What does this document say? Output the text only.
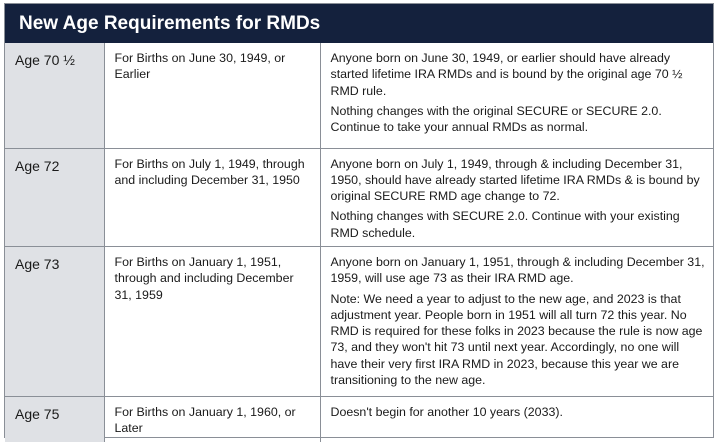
New Age Requirements for RMDs
Age 70 ½	For Births on June 30, 1949, or Earlier	Anyone born on June 30, 1949, or earlier should have already started lifetime IRA RMDs and is bound by the original age 70 ½ RMD rule.

Nothing changes with the original SECURE or SECURE 2.0. Continue to take your annual RMDs as normal.

Age 72	For Births on July 1, 1949, through and including December 31, 1950	Anyone born on July 1, 1949, through & including December 31, 1950, should have already started lifetime IRA RMDs & is bound by original SECURE RMD age change to 72.

Nothing changes with SECURE 2.0. Continue with your existing RMD schedule.

Age 73	For Births on January 1, 1951, through and including December 31, 1959	Anyone born on January 1, 1951, through & including December 31, 1959, will use age 73 as their IRA RMD age.

Note: We need a year to adjust to the new age, and 2023 is that adjustment year. People born in 1951 will all turn 72 this year. No RMD is required for these folks in 2023 because the rule is now age 73, and they won't hit 73 until next year. Accordingly, no one will have their very first IRA RMD in 2023, because this year we are transitioning to the new age.

Age 75	For Births on January 1, 1960, or Later	Doesn't begin for another 10 years (2033).
